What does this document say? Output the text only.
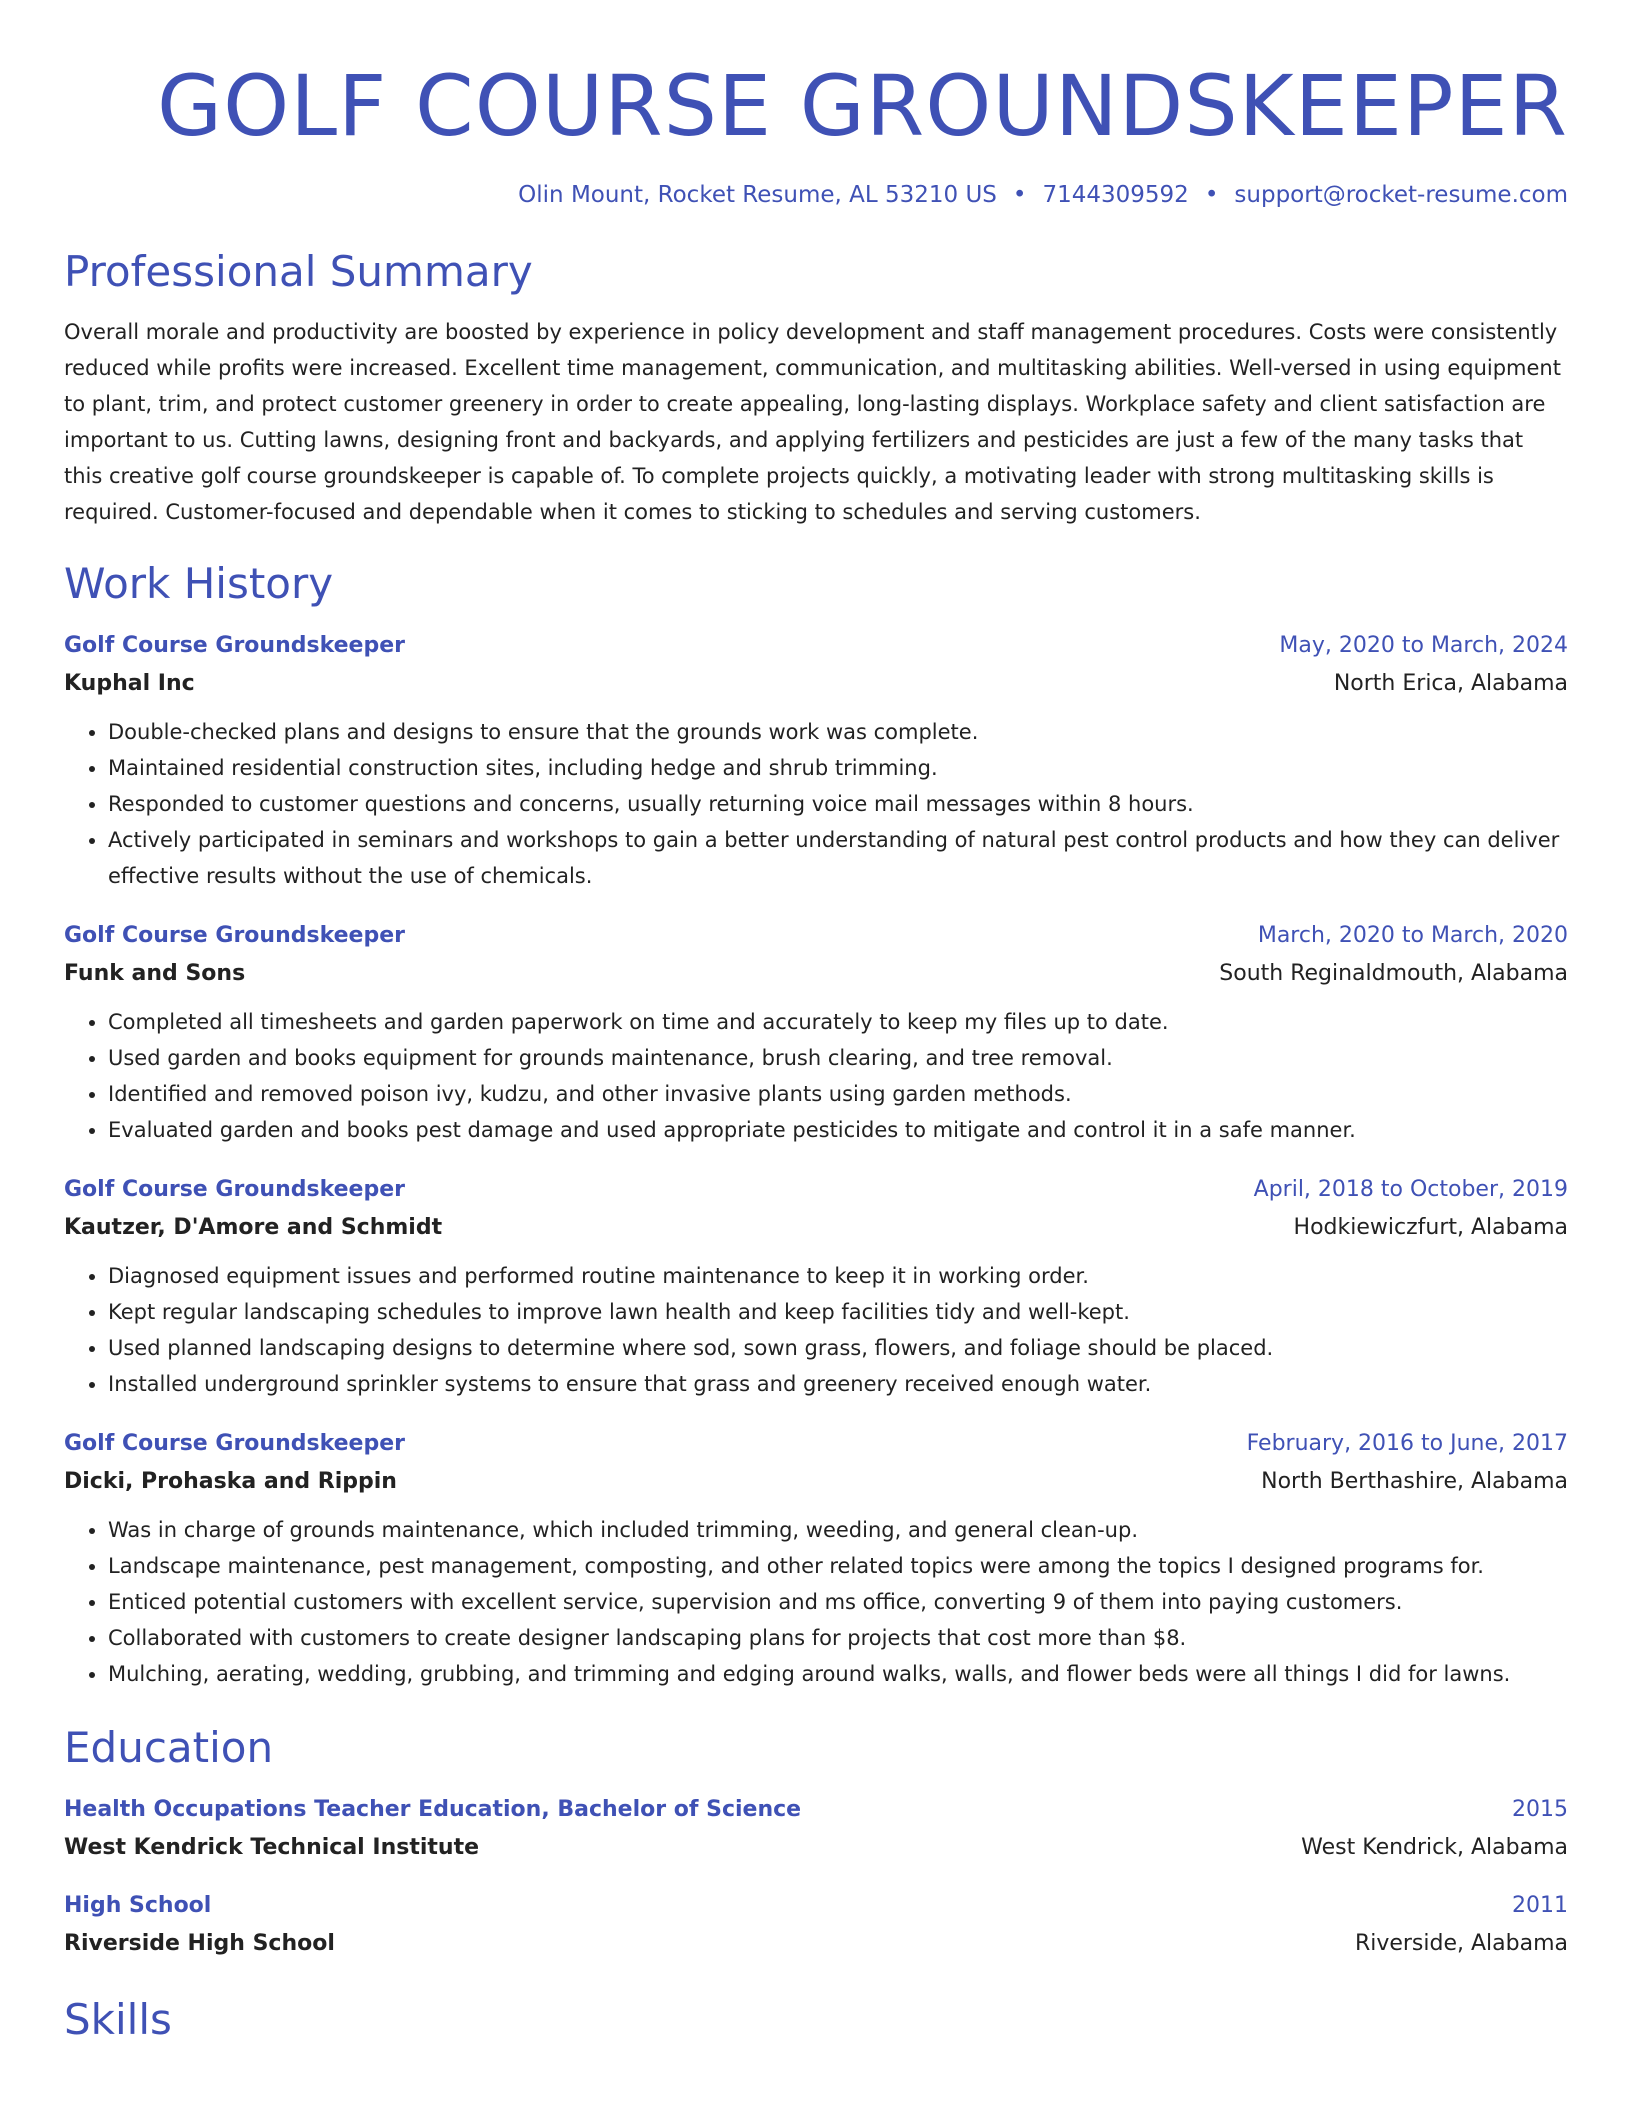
GOLF COURSE GROUNDSKEEPER
Olin Mount, Rocket Resume, AL 53210 US • 7144309592 • support@rocket-resume.com
Professional Summary
Overall morale and productivity are boosted by experience in policy development and staff management procedures. Costs were consistently reduced while profits were increased. Excellent time management, communication, and multitasking abilities. Well-versed in using equipment to plant, trim, and protect customer greenery in order to create appealing, long-lasting displays. Workplace safety and client satisfaction are important to us. Cutting lawns, designing front and backyards, and applying fertilizers and pesticides are just a few of the many tasks that this creative golf course groundskeeper is capable of. To complete projects quickly, a motivating leader with strong multitasking skills is required. Customer-focused and dependable when it comes to sticking to schedules and serving customers.
Work History
Golf Course Groundskeeper	May, 2020 to March, 2024
Kuphal Inc	North Erica, Alabama
• Double-checked plans and designs to ensure that the grounds work was complete.
• Maintained residential construction sites, including hedge and shrub trimming.
• Responded to customer questions and concerns, usually returning voice mail messages within 8 hours.
• Actively participated in seminars and workshops to gain a better understanding of natural pest control products and how they can deliver effective results without the use of chemicals.
Golf Course Groundskeeper	March, 2020 to March, 2020
Funk and Sons	South Reginaldmouth, Alabama
• Completed all timesheets and garden paperwork on time and accurately to keep my files up to date.
• Used garden and books equipment for grounds maintenance, brush clearing, and tree removal.
• Identified and removed poison ivy, kudzu, and other invasive plants using garden methods.
• Evaluated garden and books pest damage and used appropriate pesticides to mitigate and control it in a safe manner.
Golf Course Groundskeeper	April, 2018 to October, 2019
Kautzer, D'Amore and Schmidt	Hodkiewiczfurt, Alabama
• Diagnosed equipment issues and performed routine maintenance to keep it in working order.
• Kept regular landscaping schedules to improve lawn health and keep facilities tidy and well-kept.
• Used planned landscaping designs to determine where sod, sown grass, flowers, and foliage should be placed.
• Installed underground sprinkler systems to ensure that grass and greenery received enough water.
Golf Course Groundskeeper	February, 2016 to June, 2017
Dicki, Prohaska and Rippin	North Berthashire, Alabama
• Was in charge of grounds maintenance, which included trimming, weeding, and general clean-up.
• Landscape maintenance, pest management, composting, and other related topics were among the topics I designed programs for.
• Enticed potential customers with excellent service, supervision and ms office, converting 9 of them into paying customers.
• Collaborated with customers to create designer landscaping plans for projects that cost more than $8.
• Mulching, aerating, wedding, grubbing, and trimming and edging around walks, walls, and flower beds were all things I did for lawns.
Education
Health Occupations Teacher Education, Bachelor of Science	2015
West Kendrick Technical Institute	West Kendrick, Alabama
High School	2011
Riverside High School	Riverside, Alabama
Skills
